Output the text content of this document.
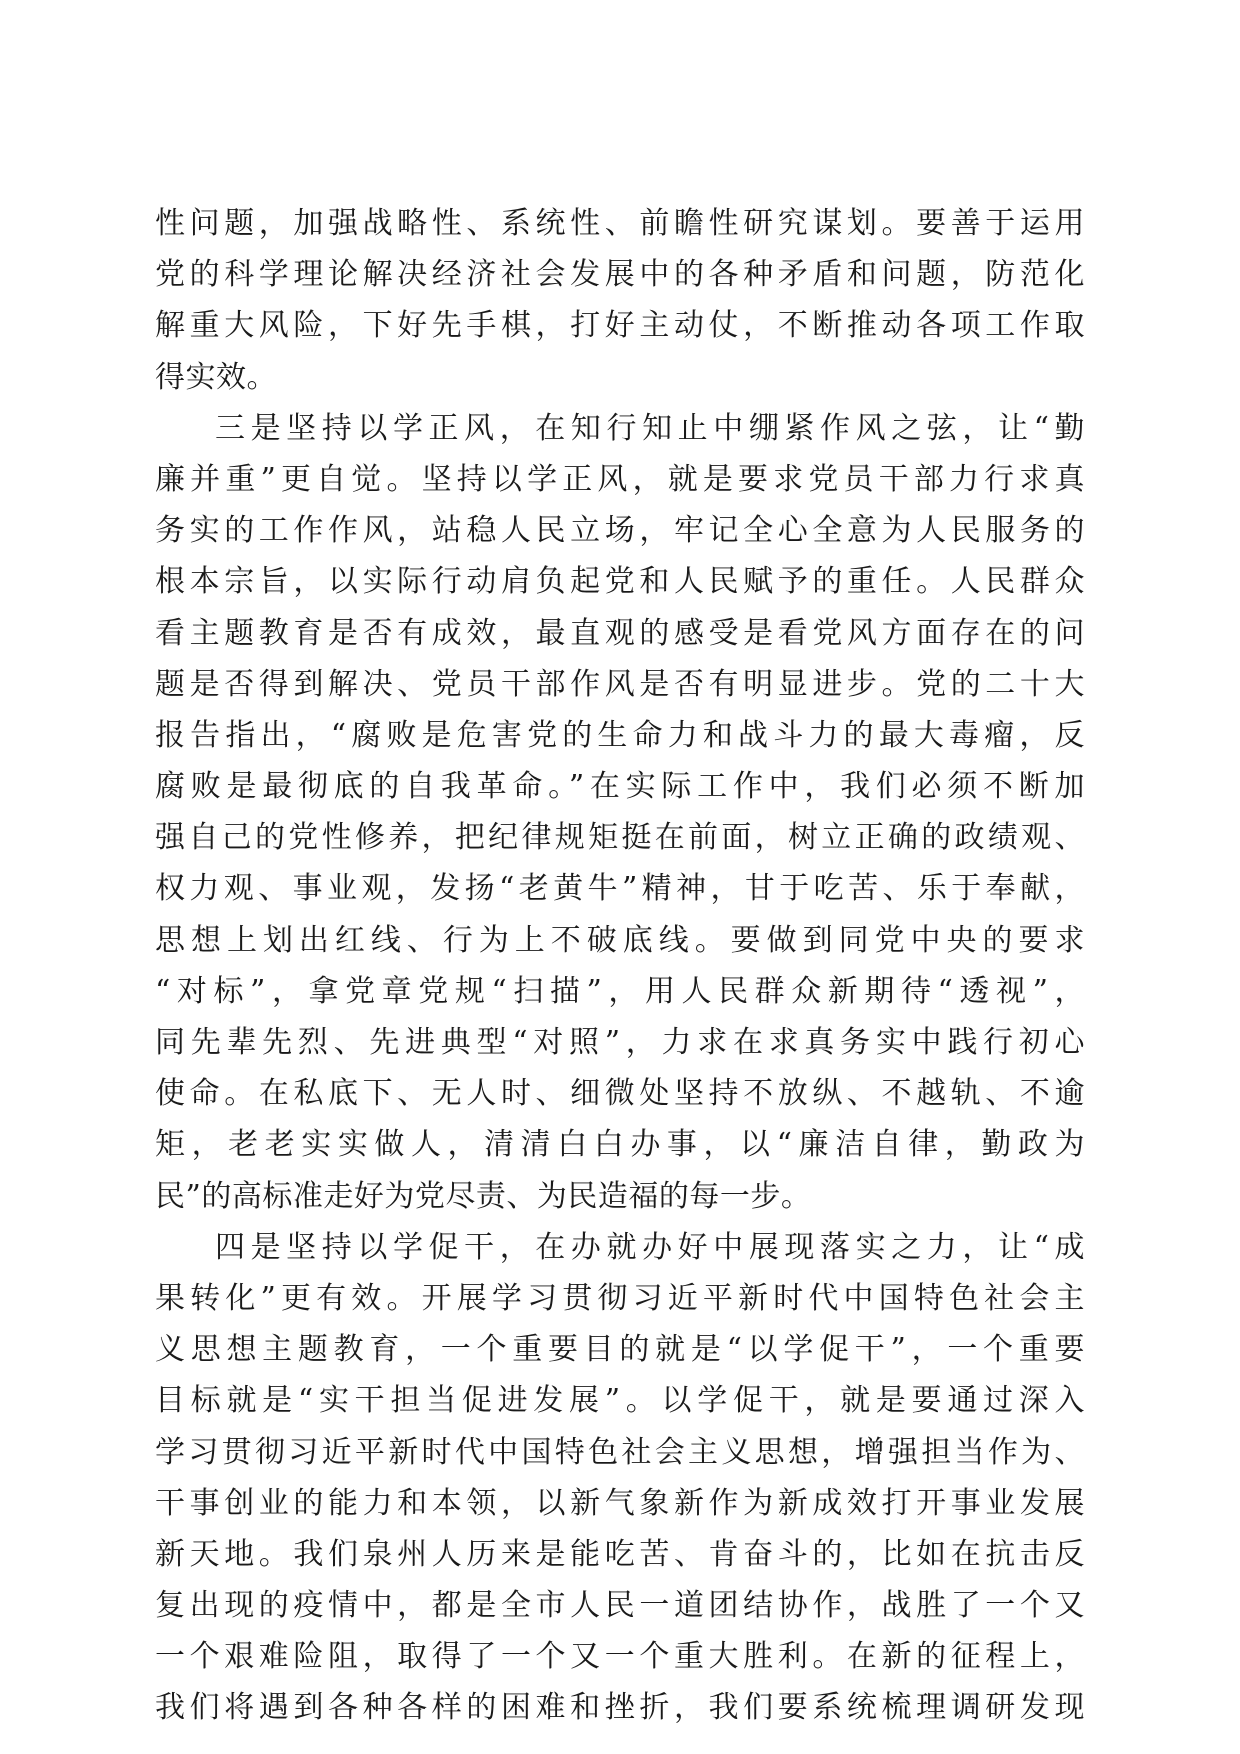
性问题，加强战略性、系统性、前瞻性研究谋划。要善于运用
党的科学理论解决经济社会发展中的各种矛盾和问题，防范化
解重大风险，下好先手棋，打好主动仗，不断推动各项工作取
得实效。
三是坚持以学正风，在知行知止中绷紧作风之弦，让“勤
廉并重”更自觉。坚持以学正风，就是要求党员干部力行求真
务实的工作作风，站稳人民立场，牢记全心全意为人民服务的
根本宗旨，以实际行动肩负起党和人民赋予的重任。人民群众
看主题教育是否有成效，最直观的感受是看党风方面存在的问
题是否得到解决、党员干部作风是否有明显进步。党的二十大
报告指出，“腐败是危害党的生命力和战斗力的最大毒瘤，反
腐败是最彻底的自我革命。”在实际工作中，我们必须不断加
强自己的党性修养，把纪律规矩挺在前面，树立正确的政绩观、
权力观、事业观，发扬“老黄牛”精神，甘于吃苦、乐于奉献，
思想上划出红线、行为上不破底线。要做到同党中央的要求
“对标”，拿党章党规“扫描”，用人民群众新期待“透视”，
同先辈先烈、先进典型“对照”，力求在求真务实中践行初心
使命。在私底下、无人时、细微处坚持不放纵、不越轨、不逾
矩，老老实实做人，清清白白办事，以“廉洁自律，勤政为
民”的高标准走好为党尽责、为民造福的每一步。
四是坚持以学促干，在办就办好中展现落实之力，让“成
果转化”更有效。开展学习贯彻习近平新时代中国特色社会主
义思想主题教育，一个重要目的就是“以学促干”，一个重要
目标就是“实干担当促进发展”。以学促干，就是要通过深入
学习贯彻习近平新时代中国特色社会主义思想，增强担当作为、
干事创业的能力和本领，以新气象新作为新成效打开事业发展
新天地。我们泉州人历来是能吃苦、肯奋斗的，比如在抗击反
复出现的疫情中，都是全市人民一道团结协作，战胜了一个又
一个艰难险阻，取得了一个又一个重大胜利。在新的征程上，
我们将遇到各种各样的困难和挫折，我们要系统梳理调研发现
